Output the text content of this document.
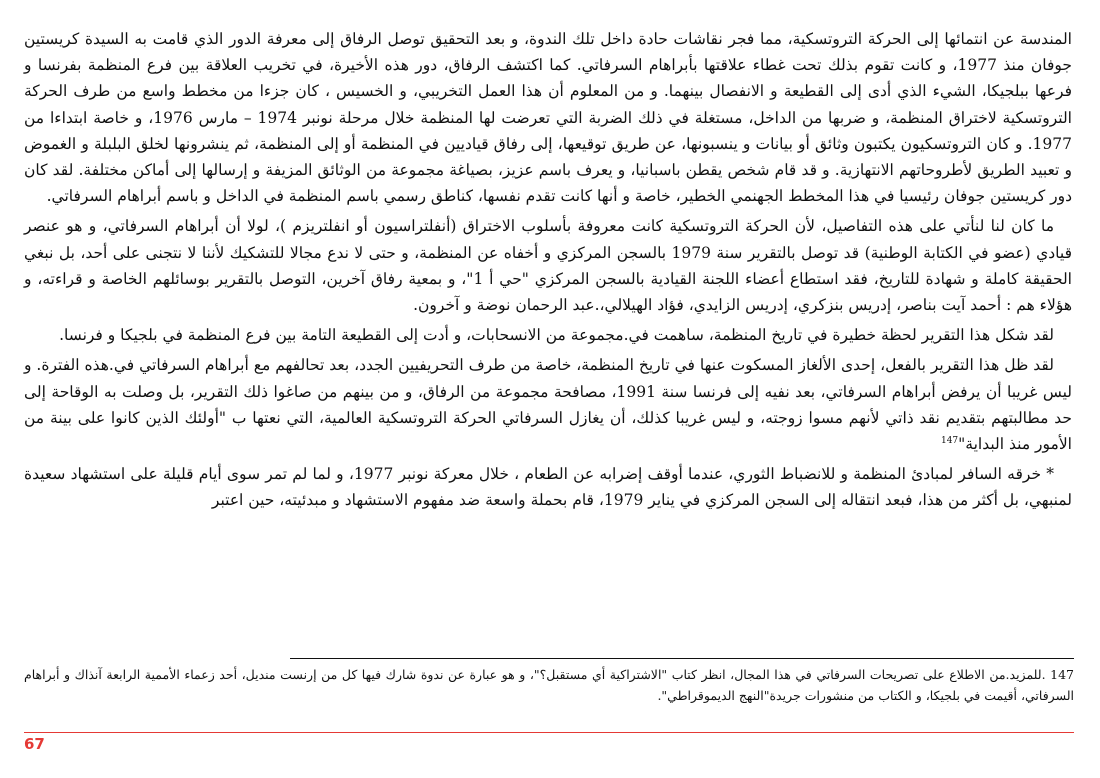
المندسة عن انتمائها إلى الحركة التروتسكية، مما فجر نقاشات حادة داخل تلك الندوة، و بعد التحقيق توصل الرفاق إلى معرفة الدور الذي قامت به السيدة كريستين جوفان منذ 1977، و كانت تقوم بذلك تحت غطاء علاقتها بأبراهام السرفاتي. كما اكتشف الرفاق، دور هذه الأخيرة، في تخريب العلاقة بين فرع المنظمة بفرنسا و فرعها ببلجيكا، الشيء الذي أدى إلى القطيعة و الانفصال بينهما. و من المعلوم أن هذا العمل التخريبي، و الخسيس ، كان جزءا من مخطط واسع من طرف الحركة التروتسكية لاختراق المنظمة، و ضربها من الداخل، مستغلة في ذلك الضربة التي تعرضت لها المنظمة خلال مرحلة نونبر 1974 – مارس 1976، و خاصة ابتداءا من 1977. و كان التروتسكيون يكتبون وثائق أو بيانات و ينسبونها، عن طريق توقيعها، إلى رفاق قياديين في المنظمة أو إلى المنظمة، ثم ينشرونها لخلق البلبلة و الغموض و تعبيد الطريق لأطروحاتهم الانتهازية. و قد قام شخص يقطن باسبانيا، و يعرف باسم عزيز، بصياغة مجموعة من الوثائق المزيفة و إرسالها إلى أماكن مختلفة. لقد كان دور كريستين جوفان رئيسيا في هذا المخطط الجهنمي الخطير، خاصة و أنها كانت تقدم نفسها، كناطق رسمي باسم المنظمة في الداخل و باسم أبراهام السرفاتي.

ما كان لنا لنأتي على هذه التفاصيل، لأن الحركة التروتسكية كانت معروفة بأسلوب الاختراق (أنفلتراسيون أو انفلتريزم )، لولا أن أبراهام السرفاتي، و هو عنصر قيادي (عضو في الكتابة الوطنية) قد توصل بالتقرير سنة 1979 بالسجن المركزي و أخفاه عن المنظمة، و حتى لا ندع مجالا للتشكيك لأننا لا نتجنى على أحد، بل نبغي الحقيقة كاملة و شهادة للتاريخ، فقد استطاع أعضاء اللجنة القيادية بالسجن المركزي "حي أ 1"، و بمعية رفاق آخرين، التوصل بالتقرير بوسائلهم الخاصة و قراءته، و هؤلاء هم : أحمد آيت بناصر، إدريس بنزكري، إدريس الزايدي، فؤاد الهيلالي،.عبد الرحمان نوضة و آخرون.

لقد شكل هذا التقرير لحظة خطيرة في تاريخ المنظمة، ساهمت في.مجموعة من الانسحابات، و أدت إلى القطيعة التامة بين فرع المنظمة في بلجيكا و فرنسا.

لقد ظل هذا التقرير بالفعل، إحدى الألغاز المسكوت عنها في تاريخ المنظمة، خاصة من طرف التحريفيين الجدد، بعد تحالفهم مع أبراهام السرفاتي في.هذه الفترة. و ليس غريبا أن يرفض أبراهام السرفاتي، بعد نفيه إلى فرنسا سنة 1991، مصافحة مجموعة من الرفاق، و من بينهم من صاغوا ذلك التقرير، بل وصلت به الوقاحة إلى حد مطالبتهم بتقديم نقد ذاتي لأنهم مسوا زوجته، و ليس غريبا كذلك، أن يغازل السرفاتي الحركة التروتسكية العالمية، التي نعتها ب "أولئك الذين كانوا على بينة من الأمور منذ البداية"$^{147}$

* خرقه السافر لمبادئ المنظمة و للانضباط الثوري، عندما أوقف إضرابه عن الطعام ، خلال معركة نونبر 1977، و لما لم تمر سوى أيام قليلة على استشهاد سعيدة لمنبهي، بل أكثر من هذا، فبعد انتقاله إلى السجن المركزي في يناير 1979، قام بحملة واسعة ضد مفهوم الاستشهاد و مبدئيته، حين اعتبر

147 .للمزيد.من الاطلاع على تصريحات السرفاتي في هذا المجال، انظر كتاب "الاشتراكية أي مستقبل؟"، و هو عبارة عن ندوة شارك فيها كل من إرنست منديل، أحد زعماء الأممية الرابعة آنذاك و أبراهام السرفاتي، أقيمت في بلجيكا، و الكتاب من منشورات جريدة"النهج الديموقراطي".
67
